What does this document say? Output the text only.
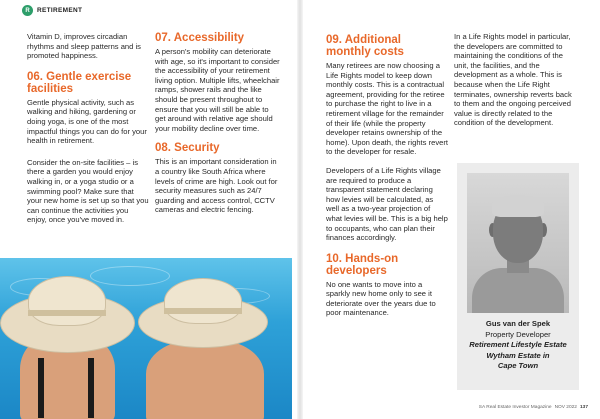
R	RETIREMENT

Vitamin D, improves circadian rhythms and sleep patterns and is promoted happiness.

06. Gentle exercise facilities

Gentle physical activity, such as walking and hiking, gardening or doing yoga, is one of the most impactful things you can do for your health in retirement.

Consider the on-site facilities – is there a garden you would enjoy walking in, or a yoga studio or a swimming pool? Make sure that your new home is set up so that you can continue the activities you enjoy, once you've moved in.

07. Accessibility

A person's mobility can deteriorate with age, so it's important to consider the accessibility of your retirement living option. Multiple lifts, wheelchair ramps, shower rails and the like should be present throughout to ensure that you will still be able to get around with relative age should your mobility decline over time.

08. Security

This is an important consideration in a country like South Africa where levels of crime are high. Look out for security measures such as 24/7 guarding and access control, CCTV cameras and electric fencing.

09. Additional monthly costs

Many retirees are now choosing a Life Rights model to keep down monthly costs. This is a contractual agreement, providing for the retiree to purchase the right to live in a retirement village for the remainder of their life (while the property developer retains ownership of the home). Upon death, the rights revert to the developer for resale.

Developers of a Life Rights village are required to produce a transparent statement declaring how levies will be calculated, as well as a two-year projection of what levies will be. This is a big help to occupants, who can plan their finances accordingly.

10. Hands-on developers

No one wants to move into a sparkly new home only to see it deteriorate over the years due to poor maintenance.

In a Life Rights model in particular, the developers are committed to maintaining the conditions of the unit, the facilities, and the development as a whole. This is because when the Life Right terminates, ownership reverts back to them and the ongoing perceived value is directly related to the condition of the development.

Gus van der Spek
Property Developer
Retirement Lifestyle Estate
Wytham Estate in
Cape Town
SA Real Estate Investor Magazine NOV 2022 137
